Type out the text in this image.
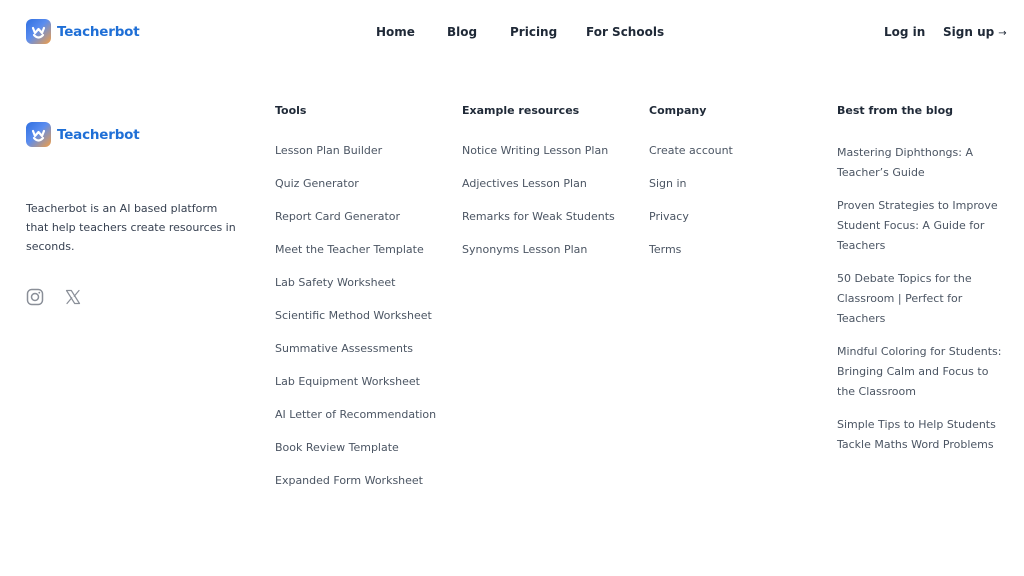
Teacherbot	Home	Blog	Pricing For Schools	Log in Sign up →
Teacherbot

Teacherbot is an AI based platform that help teachers create resources in seconds.

Tools
Lesson Plan Builder
Quiz Generator
Report Card Generator
Meet the Teacher Template
Lab Safety Worksheet
Scientific Method Worksheet
Summative Assessments
Lab Equipment Worksheet
AI Letter of Recommendation
Book Review Template
Expanded Form Worksheet
Example resources
Notice Writing Lesson Plan
Adjectives Lesson Plan
Remarks for Weak Students
Synonyms Lesson Plan
Company
Create account
Sign in
Privacy
Terms
Best from the blog
Mastering Diphthongs: A Teacher’s Guide
Proven Strategies to Improve Student Focus: A Guide for Teachers
50 Debate Topics for the Classroom | Perfect for Teachers
Mindful Coloring for Students: Bringing Calm and Focus to the Classroom
Simple Tips to Help Students Tackle Maths Word Problems
